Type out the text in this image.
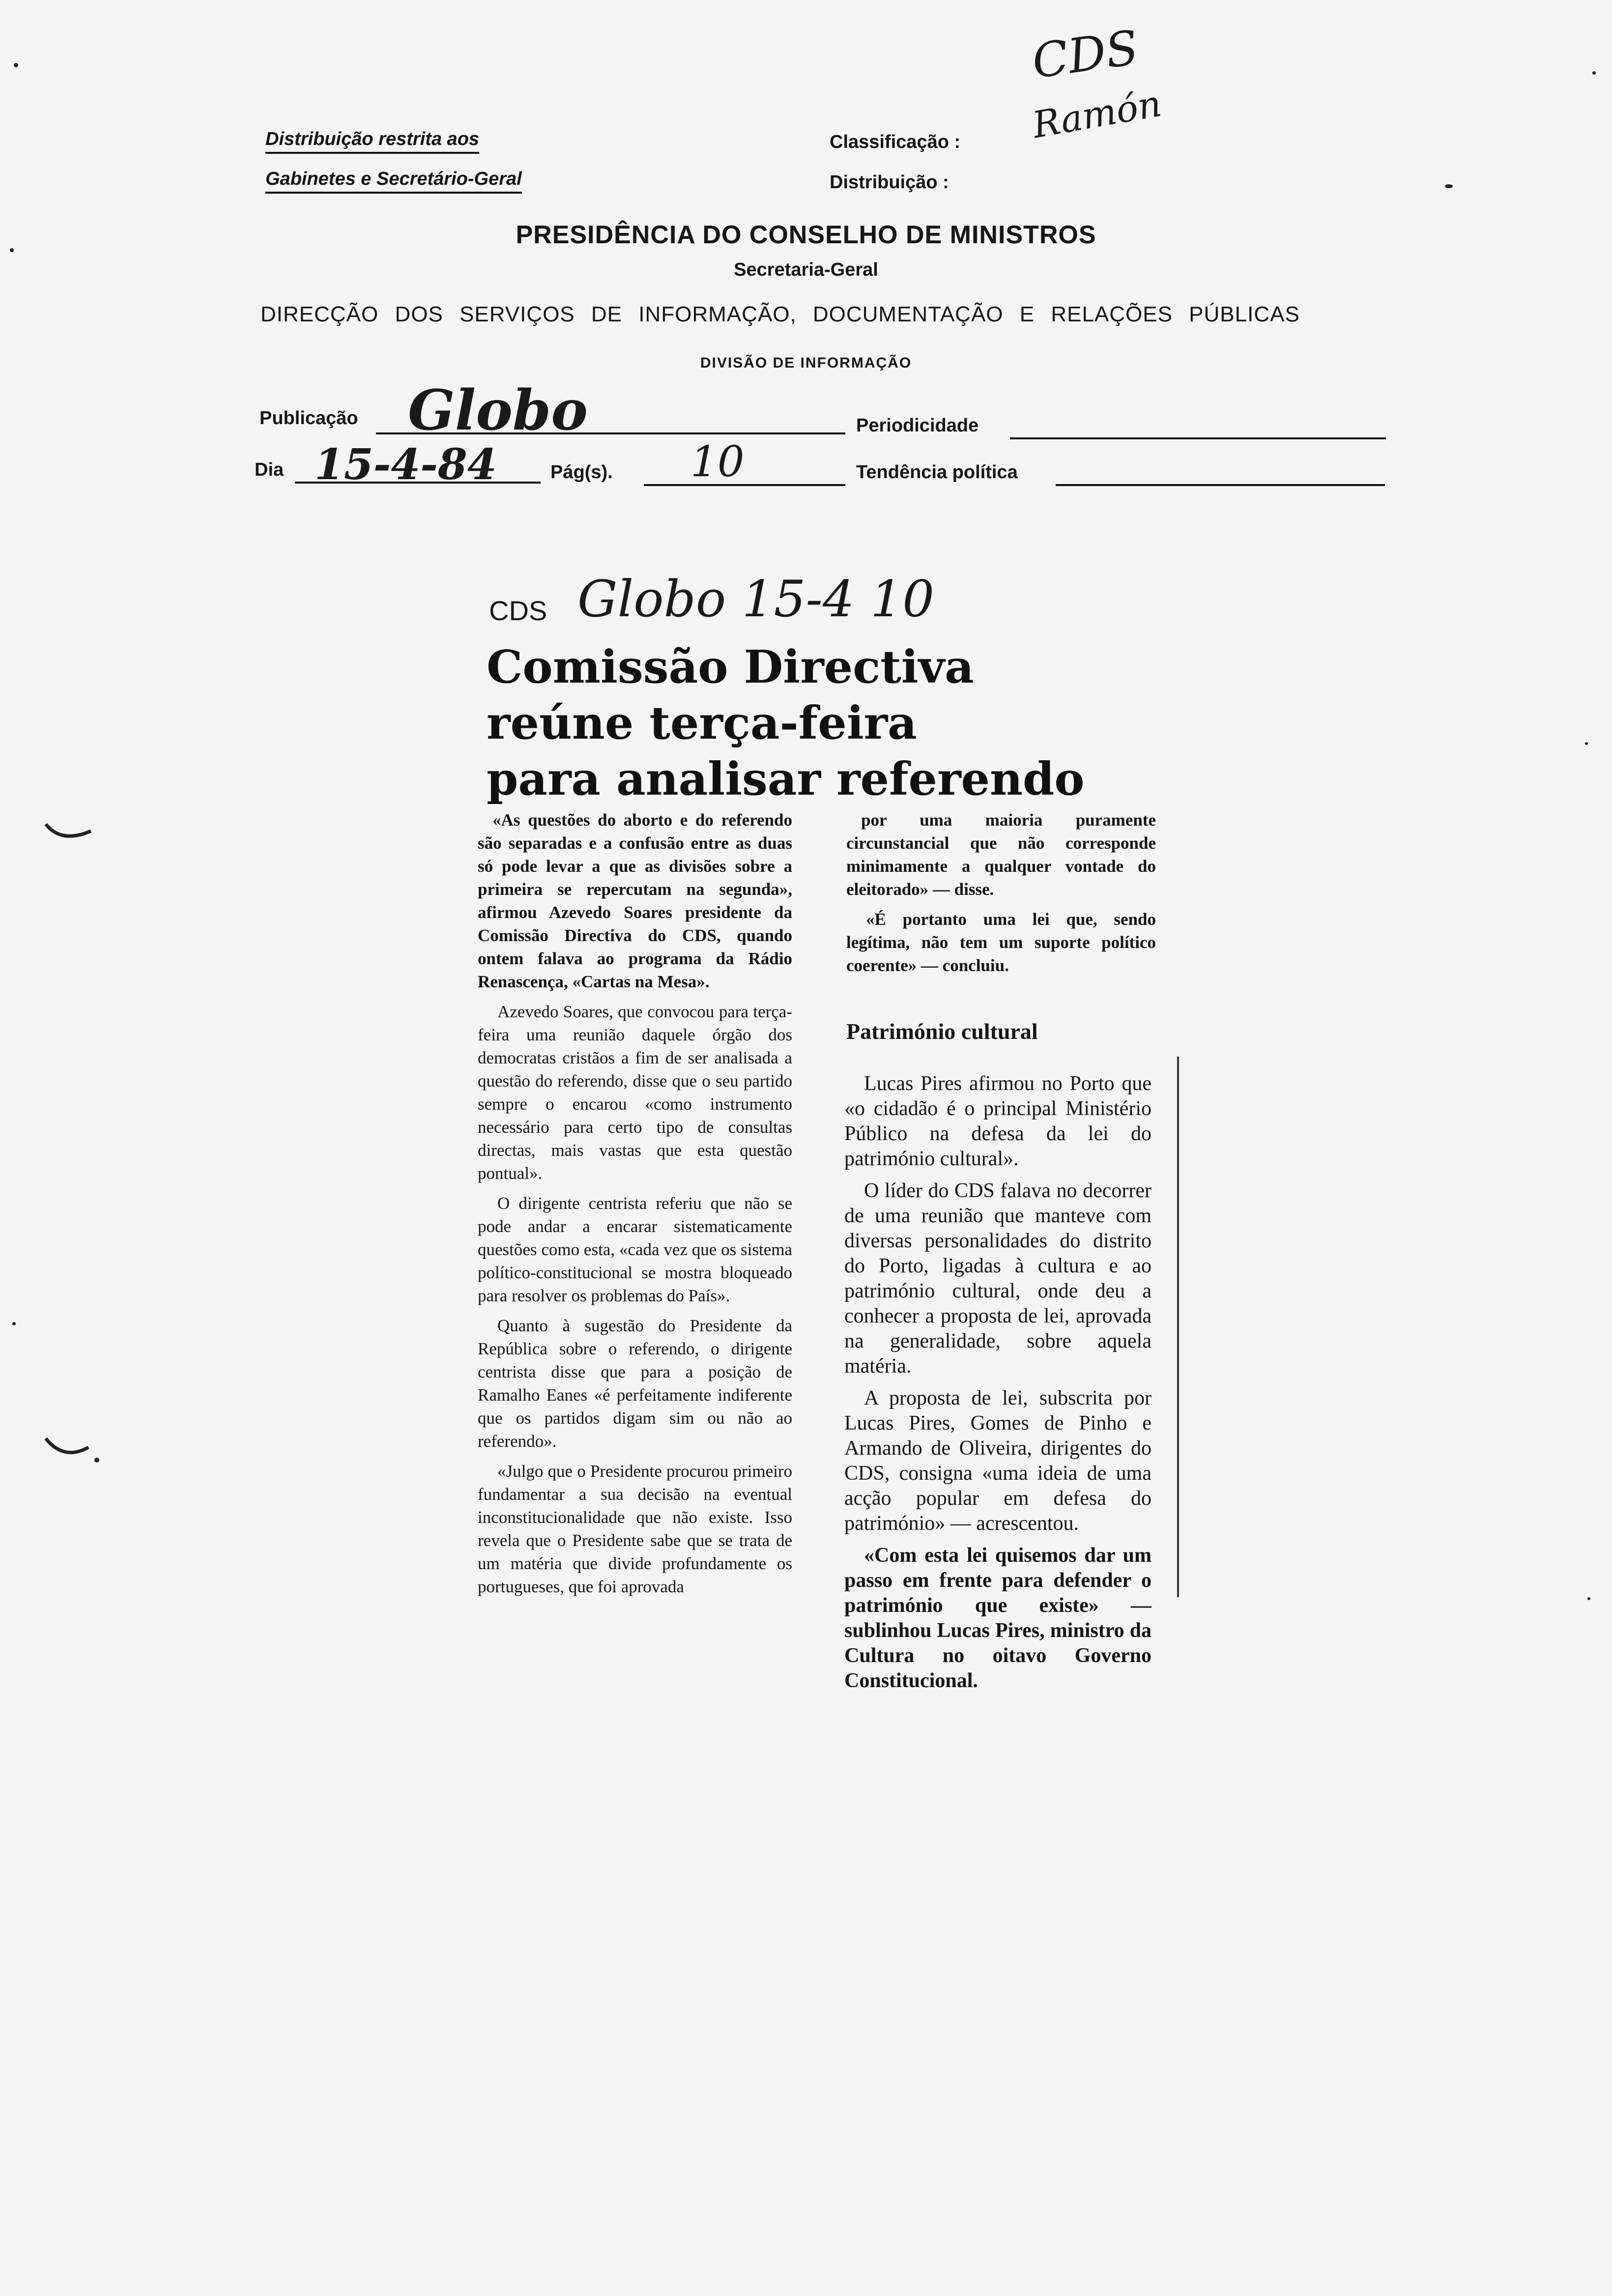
Distribuição restrita aos
Gabinetes e Secretário-Geral
Classificação :
Distribuição :
CDS
Ramón
PRESIDÊNCIA DO CONSELHO DE MINISTROS
Secretaria-Geral
DIRECÇÃO DOS SERVIÇOS DE INFORMAÇÃO, DOCUMENTAÇÃO E RELAÇÕES PÚBLICAS
DIVISÃO DE INFORMAÇÃO
Publicação Globo	Periodicidade
Dia 15-4-84	Pág(s). 10	Tendência política
CDS Globo 15-4 10
Comissão Directiva
reúne terça-feira
para analisar referendo

«As questões do aborto e do referendo são separadas e a confusão entre as duas só pode levar a que as divisões sobre a primeira se repercutam na segunda», afirmou Azevedo Soares presidente da Comissão Directiva do CDS, quando ontem falava ao programa da Rádio Renascença, «Cartas na Mesa».

Azevedo Soares, que convocou para terça-feira uma reunião daquele órgão dos democratas cristãos a fim de ser analisada a questão do referendo, disse que o seu partido sempre o encarou «como instrumento necessário para certo tipo de consultas directas, mais vastas que esta questão pontual».

O dirigente centrista referiu que não se pode andar a encarar sistematicamente questões como esta, «cada vez que os sistema político-constitucional se mostra bloqueado para resolver os problemas do País».

Quanto à sugestão do Presidente da República sobre o referendo, o dirigente centrista disse que para a posição de Ramalho Eanes «é perfeitamente indiferente que os partidos digam sim ou não ao referendo».

«Julgo que o Presidente procurou primeiro fundamentar a sua decisão na eventual inconstitucionalidade que não existe. Isso revela que o Presidente sabe que se trata de um matéria que divide profundamente os portugueses, que foi aprovada

por uma maioria puramente circunstancial que não corresponde minimamente a qualquer vontade do eleitorado» — disse.

«É portanto uma lei que, sendo legítima, não tem um suporte político coerente» — concluiu.

Património cultural

Lucas Pires afirmou no Porto que «o cidadão é o principal Ministério Público na defesa da lei do património cultural».

O líder do CDS falava no decorrer de uma reunião que manteve com diversas personalidades do distrito do Porto, ligadas à cultura e ao património cultural, onde deu a conhecer a proposta de lei, aprovada na generalidade, sobre aquela matéria.

A proposta de lei, subscrita por Lucas Pires, Gomes de Pinho e Armando de Oliveira, dirigentes do CDS, consigna «uma ideia de uma acção popular em defesa do património» — acrescentou.

«Com esta lei quisemos dar um passo em frente para defender o património que existe» — sublinhou Lucas Pires, ministro da Cultura no oitavo Governo Constitucional.
